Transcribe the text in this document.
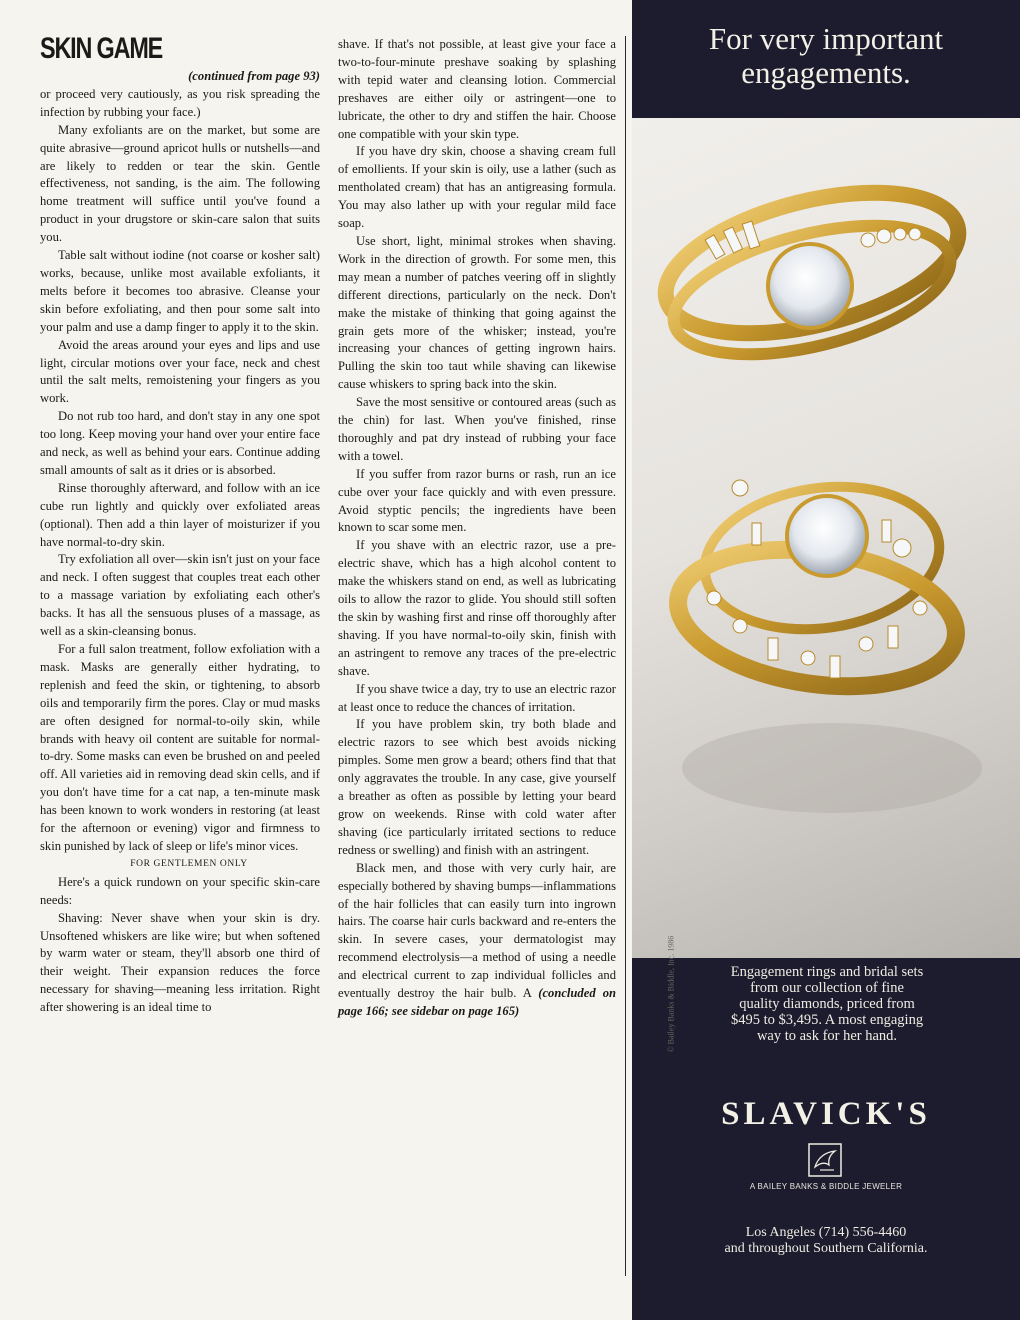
SKIN GAME

(continued from page 93)

or proceed very cautiously, as you risk spreading the infection by rubbing your face.)

Many exfoliants are on the market, but some are quite abrasive—ground apricot hulls or nutshells—and are likely to redden or tear the skin. Gentle effectiveness, not sanding, is the aim. The following home treatment will suffice until you've found a product in your drugstore or skin-care salon that suits you.

Table salt without iodine (not coarse or kosher salt) works, because, unlike most available exfoliants, it melts before it becomes too abrasive. Cleanse your skin before exfoliating, and then pour some salt into your palm and use a damp finger to apply it to the skin.

Avoid the areas around your eyes and lips and use light, circular motions over your face, neck and chest until the salt melts, remoistening your fingers as you work.

Do not rub too hard, and don't stay in any one spot too long. Keep moving your hand over your entire face and neck, as well as behind your ears. Continue adding small amounts of salt as it dries or is absorbed.

Rinse thoroughly afterward, and follow with an ice cube run lightly and quickly over exfoliated areas (optional). Then add a thin layer of moisturizer if you have normal-to-dry skin.

Try exfoliation all over—skin isn't just on your face and neck. I often suggest that couples treat each other to a massage variation by exfoliating each other's backs. It has all the sensuous pluses of a massage, as well as a skin-cleansing bonus.

For a full salon treatment, follow exfoliation with a mask. Masks are generally either hydrating, to replenish and feed the skin, or tightening, to absorb oils and temporarily firm the pores. Clay or mud masks are often designed for normal-to-oily skin, while brands with heavy oil content are suitable for normal-to-dry. Some masks can even be brushed on and peeled off. All varieties aid in removing dead skin cells, and if you don't have time for a cat nap, a ten-minute mask has been known to work wonders in restoring (at least for the afternoon or evening) vigor and firmness to skin punished by lack of sleep or life's minor vices.

FOR GENTLEMEN ONLY

Here's a quick rundown on your specific skin-care needs:

Shaving: Never shave when your skin is dry. Unsoftened whiskers are like wire; but when softened by warm water or steam, they'll absorb one third of their weight. Their expansion reduces the force necessary for shaving—meaning less irritation. Right after showering is an ideal time to

shave. If that's not possible, at least give your face a two-to-four-minute preshave soaking by splashing with tepid water and cleansing lotion. Commercial preshaves are either oily or astringent—one to lubricate, the other to dry and stiffen the hair. Choose one compatible with your skin type.

If you have dry skin, choose a shaving cream full of emollients. If your skin is oily, use a lather (such as mentholated cream) that has an antigreasing formula. You may also lather up with your regular mild face soap.

Use short, light, minimal strokes when shaving. Work in the direction of growth. For some men, this may mean a number of patches veering off in slightly different directions, particularly on the neck. Don't make the mistake of thinking that going against the grain gets more of the whisker; instead, you're increasing your chances of getting ingrown hairs. Pulling the skin too taut while shaving can likewise cause whiskers to spring back into the skin.

Save the most sensitive or contoured areas (such as the chin) for last. When you've finished, rinse thoroughly and pat dry instead of rubbing your face with a towel.

If you suffer from razor burns or rash, run an ice cube over your face quickly and with even pressure. Avoid styptic pencils; the ingredients have been known to scar some men.

If you shave with an electric razor, use a pre-electric shave, which has a high alcohol content to make the whiskers stand on end, as well as lubricating oils to allow the razor to glide. You should still soften the skin by washing first and rinse off thoroughly after shaving. If you have normal-to-oily skin, finish with an astringent to remove any traces of the pre-electric shave.

If you shave twice a day, try to use an electric razor at least once to reduce the chances of irritation.

If you have problem skin, try both blade and electric razors to see which best avoids nicking pimples. Some men grow a beard; others find that that only aggravates the trouble. In any case, give yourself a breather as often as possible by letting your beard grow on weekends. Rinse with cold water after shaving (ice particularly irritated sections to reduce redness or swelling) and finish with an astringent.

Black men, and those with very curly hair, are especially bothered by shaving bumps—inflammations of the hair follicles that can easily turn into ingrown hairs. The coarse hair curls backward and re-enters the skin. In severe cases, your dermatologist may recommend electrolysis—a method of using a needle and electrical current to zap individual follicles and eventually destroy the hair bulb. A (concluded on page 166; see sidebar on page 165)

For very important
engagements.
© Bailey Banks & Biddle, Inc. 1986	Engagement rings and bridal sets
from our collection of fine
quality diamonds, priced from
$495 to $3,495. A most engaging
way to ask for her hand.
SLAVICK'S
A BAILEY BANKS & BIDDLE JEWELER
Los Angeles (714) 556-4460
and throughout Southern California.
